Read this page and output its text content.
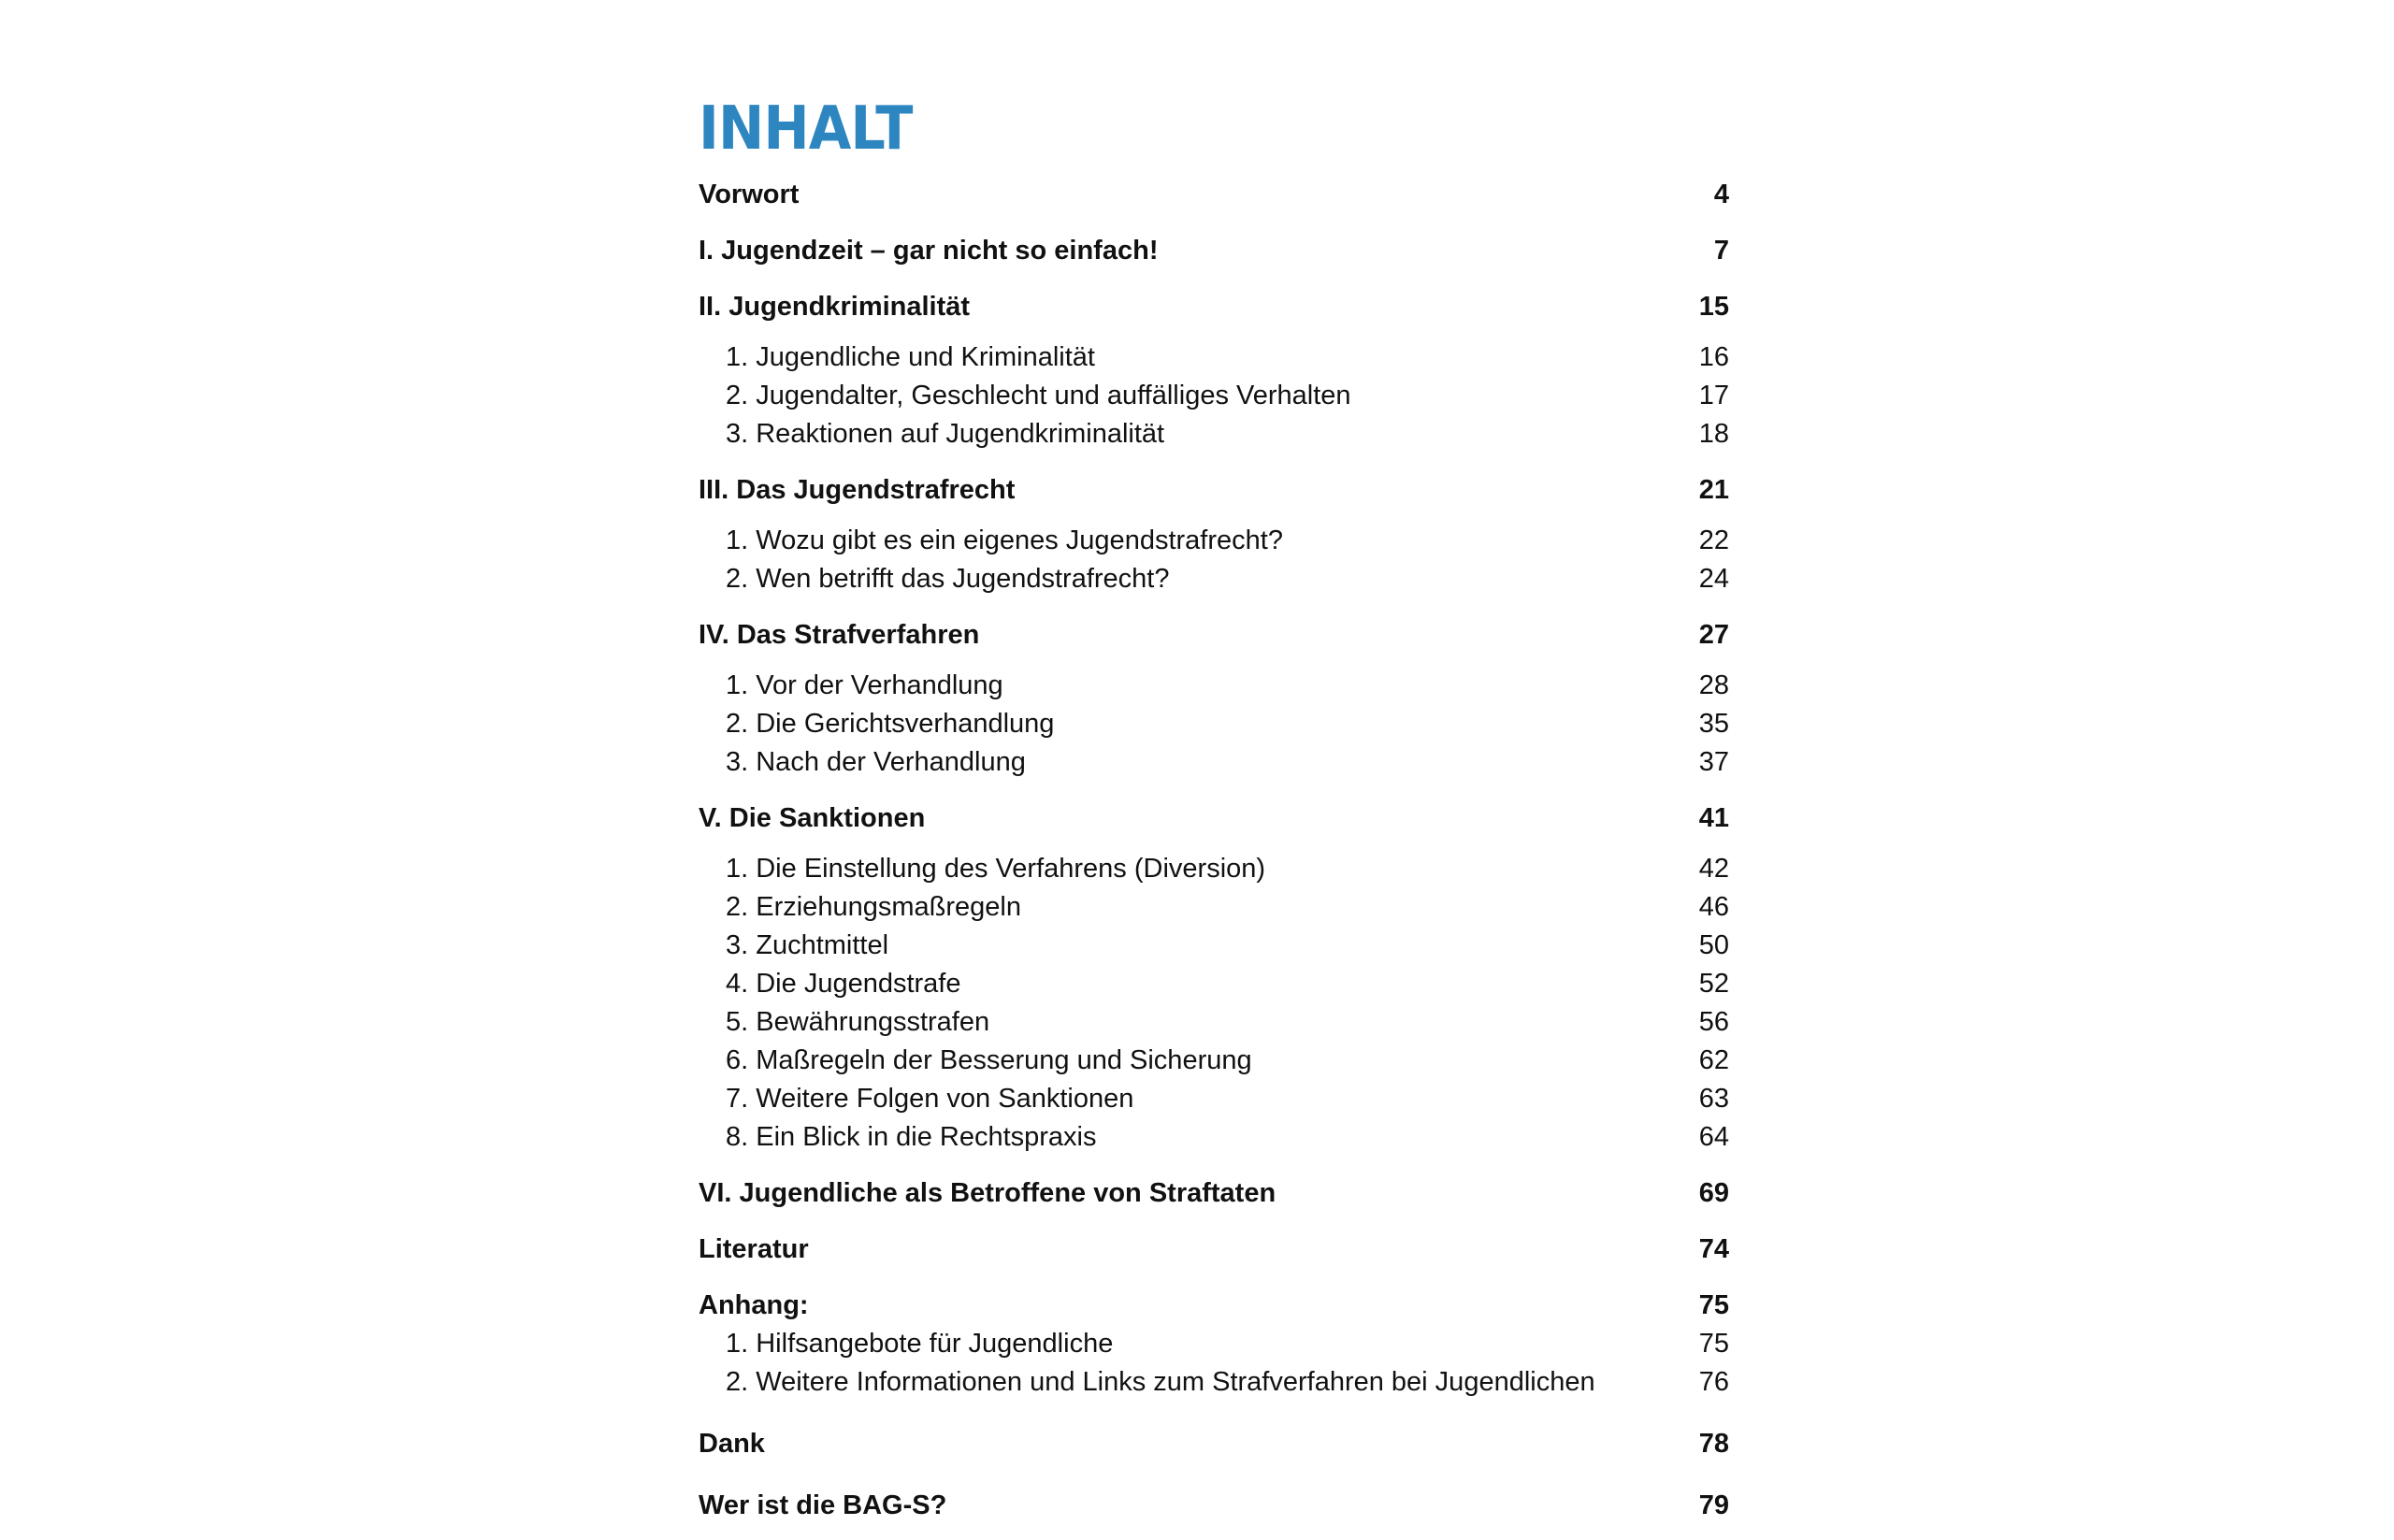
INHALT
Vorwort	4
I. Jugendzeit – gar nicht so einfach!	7
II. Jugendkriminalität	15
1. Jugendliche und Kriminalität	16
2. Jugendalter, Geschlecht und auffälliges Verhalten	17
3. Reaktionen auf Jugendkriminalität	18
III. Das Jugendstrafrecht	21
1. Wozu gibt es ein eigenes Jugendstrafrecht?	22
2. Wen betrifft das Jugendstrafrecht?	24
IV. Das Strafverfahren	27
1. Vor der Verhandlung	28
2. Die Gerichtsverhandlung	35
3. Nach der Verhandlung	37
V. Die Sanktionen	41
1. Die Einstellung des Verfahrens (Diversion)	42
2. Erziehungsmaßregeln	46
3. Zuchtmittel	50
4. Die Jugendstrafe	52
5. Bewährungsstrafen	56
6. Maßregeln der Besserung und Sicherung	62
7. Weitere Folgen von Sanktionen	63
8. Ein Blick in die Rechtspraxis	64
VI. Jugendliche als Betroffene von Straftaten	69
Literatur	74
Anhang:	75
1. Hilfsangebote für Jugendliche	75
2. Weitere Informationen und Links zum Strafverfahren bei Jugendlichen	76
Dank	78
Wer ist die BAG-S?	79
